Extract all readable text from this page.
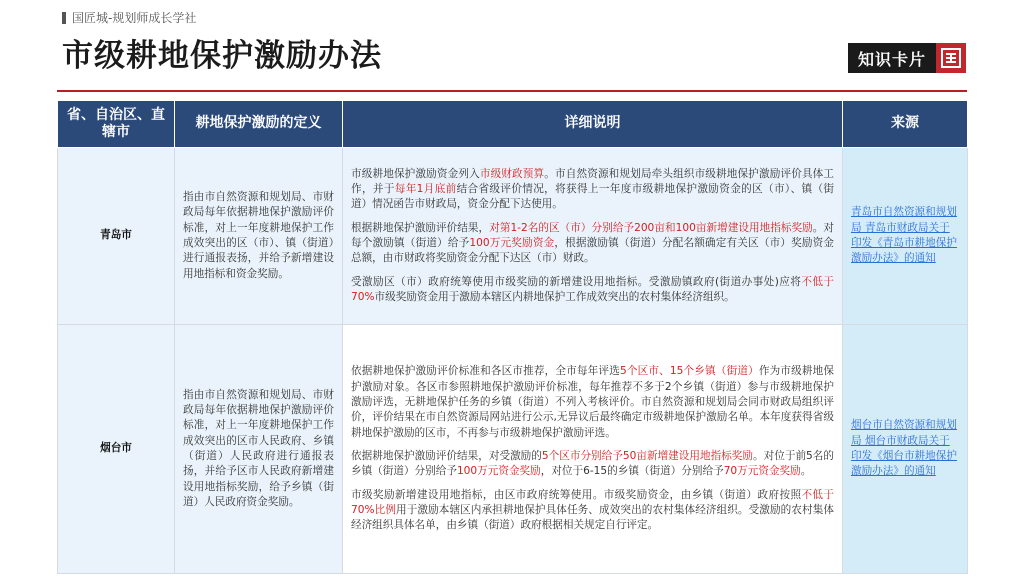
国匠城-规划师成长学社
市级耕地保护激励办法	知识卡片
省、自治区、直辖市	耕地保护激励的定义	详细说明	来源
青岛市	指由市自然资源和规划局、市财政局每年依据耕地保护激励评价标准，对上一年度耕地保护工作成效突出的区（市）、镇（街道）进行通报表扬，并给予新增建设用地指标和资金奖励。	市级耕地保护激励资金列入市级财政预算。市自然资源和规划局牵头组织市级耕地保护激励评价具体工作，并于每年1月底前结合省级评价情况，将获得上一年度市级耕地保护激励资金的区（市）、镇（街道）情况函告市财政局，资金分配下达使用。

根据耕地保护激励评价结果，对第1-2名的区（市）分别给予200亩和100亩新增建设用地指标奖励。对每个激励镇（街道）给予100万元奖励资金，根据激励镇（街道）分配名额确定有关区（市）奖励资金总额，由市财政将奖励资金分配下达区（市）财政。

受激励区（市）政府统筹使用市级奖励的新增建设用地指标。受激励镇政府(街道办事处)应将不低于70%市级奖励资金用于激励本辖区内耕地保护工作成效突出的农村集体经济组织。	青岛市自然资源和规划局 青岛市财政局关于印发《青岛市耕地保护激励办法》的通知
烟台市	指由市自然资源和规划局、市财政局每年依据耕地保护激励评价标准，对上一年度耕地保护工作成效突出的区市人民政府、乡镇（街道）人民政府进行通报表扬，并给予区市人民政府新增建设用地指标奖励，给予乡镇（街道）人民政府资金奖励。	依据耕地保护激励评价标准和各区市推荐，全市每年评选5个区市、15个乡镇（街道）作为市级耕地保护激励对象。各区市参照耕地保护激励评价标准，每年推荐不多于2个乡镇（街道）参与市级耕地保护激励评选，无耕地保护任务的乡镇（街道）不列入考核评价。市自然资源和规划局会同市财政局组织评价，评价结果在市自然资源局网站进行公示,无异议后最终确定市级耕地保护激励名单。本年度获得省级耕地保护激励的区市，不再参与市级耕地保护激励评选。

依据耕地保护激励评价结果，对受激励的5个区市分别给予50亩新增建设用地指标奖励。对位于前5名的乡镇（街道）分别给予100万元资金奖励，对位于6-15的乡镇（街道）分别给予70万元资金奖励。

市级奖励新增建设用地指标，由区市政府统筹使用。市级奖励资金，由乡镇（街道）政府按照不低于70%比例用于激励本辖区内承担耕地保护具体任务、成效突出的农村集体经济组织。受激励的农村集体经济组织具体名单，由乡镇（街道）政府根据相关规定自行评定。	烟台市自然资源和规划局 烟台市财政局关于印发《烟台市耕地保护激励办法》的通知
